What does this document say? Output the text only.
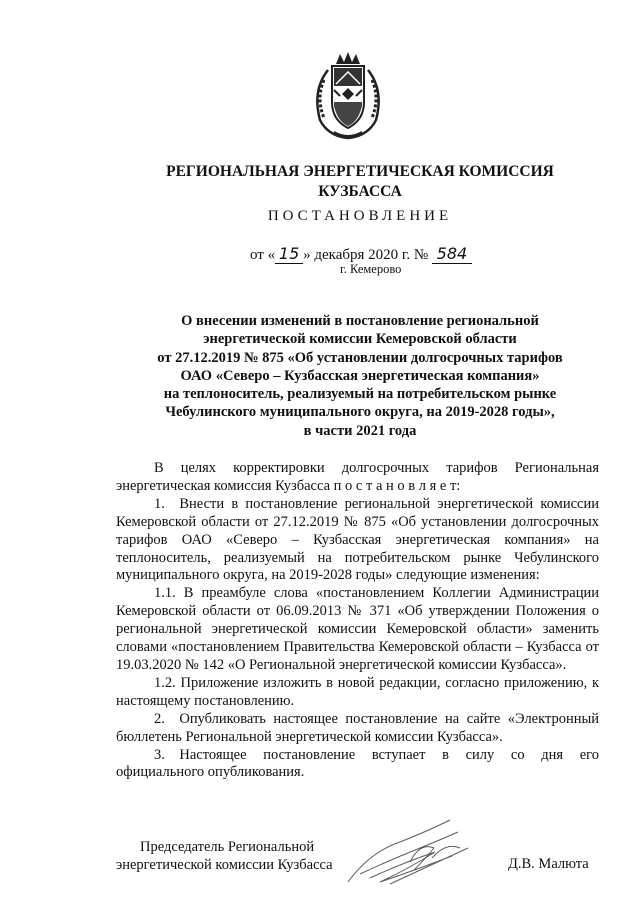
РЕГИОНАЛЬНАЯ ЭНЕРГЕТИЧЕСКАЯ КОМИССИЯ
КУЗБАССА
ПОСТАНОВЛЕНИЕ
от « 15 » декабря 2020 г. № 584
г. Кемерово
О внесении изменений в постановление региональной
энергетической комиссии Кемеровской области
от 27.12.2019 № 875 «Об установлении долгосрочных тарифов
ОАО «Северо – Кузбасская энергетическая компания»
на теплоноситель, реализуемый на потребительском рынке
Чебулинского муниципального округа, на 2019-2028 годы»,
в части 2021 года

В целях корректировки долгосрочных тарифов Региональная энергетическая комиссия Кузбасса п о с т а н о в л я е т:

1. Внести в постановление региональной энергетической комиссии Кемеровской области от 27.12.2019 № 875 «Об установлении долгосрочных тарифов ОАО «Северо – Кузбасская энергетическая компания» на теплоноситель, реализуемый на потребительском рынке Чебулинского муниципального округа, на 2019-2028 годы» следующие изменения:

1.1. В преамбуле слова «постановлением Коллегии Администрации Кемеровской области от 06.09.2013 № 371 «Об утверждении Положения о региональной энергетической комиссии Кемеровской области» заменить словами «постановлением Правительства Кемеровской области – Кузбасса от 19.03.2020 № 142 «О Региональной энергетической комиссии Кузбасса».

1.2. Приложение изложить в новой редакции, согласно приложению, к настоящему постановлению.

2. Опубликовать настоящее постановление на сайте «Электронный бюллетень Региональной энергетической комиссии Кузбасса».

3. Настоящее постановление вступает в силу со дня его официального опубликования.

Председатель Региональной
энергетической комиссии Кузбасса	Д.В. Малюта
